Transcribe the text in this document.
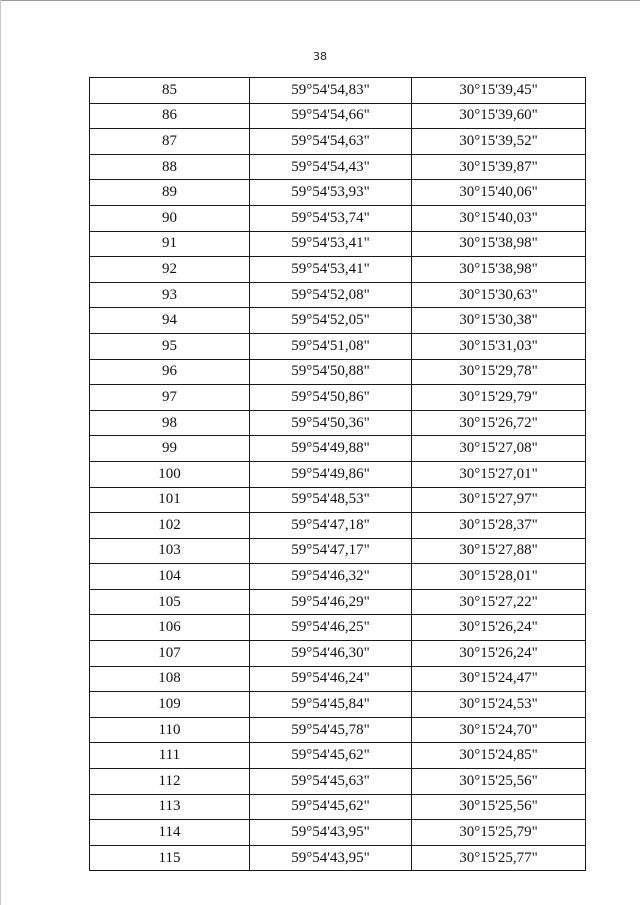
38
85	59°54'54,83"	30°15'39,45"
86	59°54'54,66"	30°15'39,60"
87	59°54'54,63"	30°15'39,52"
88	59°54'54,43"	30°15'39,87"
89	59°54'53,93"	30°15'40,06"
90	59°54'53,74"	30°15'40,03"
91	59°54'53,41"	30°15'38,98"
92	59°54'53,41"	30°15'38,98"
93	59°54'52,08"	30°15'30,63"
94	59°54'52,05"	30°15'30,38"
95	59°54'51,08"	30°15'31,03"
96	59°54'50,88"	30°15'29,78"
97	59°54'50,86"	30°15'29,79"
98	59°54'50,36"	30°15'26,72"
99	59°54'49,88"	30°15'27,08"
100	59°54'49,86"	30°15'27,01"
101	59°54'48,53"	30°15'27,97"
102	59°54'47,18"	30°15'28,37"
103	59°54'47,17"	30°15'27,88"
104	59°54'46,32"	30°15'28,01"
105	59°54'46,29"	30°15'27,22"
106	59°54'46,25"	30°15'26,24"
107	59°54'46,30"	30°15'26,24"
108	59°54'46,24"	30°15'24,47"
109	59°54'45,84"	30°15'24,53"
110	59°54'45,78"	30°15'24,70"
111	59°54'45,62"	30°15'24,85"
112	59°54'45,63"	30°15'25,56"
113	59°54'45,62"	30°15'25,56"
114	59°54'43,95"	30°15'25,79"
115	59°54'43,95"	30°15'25,77"
